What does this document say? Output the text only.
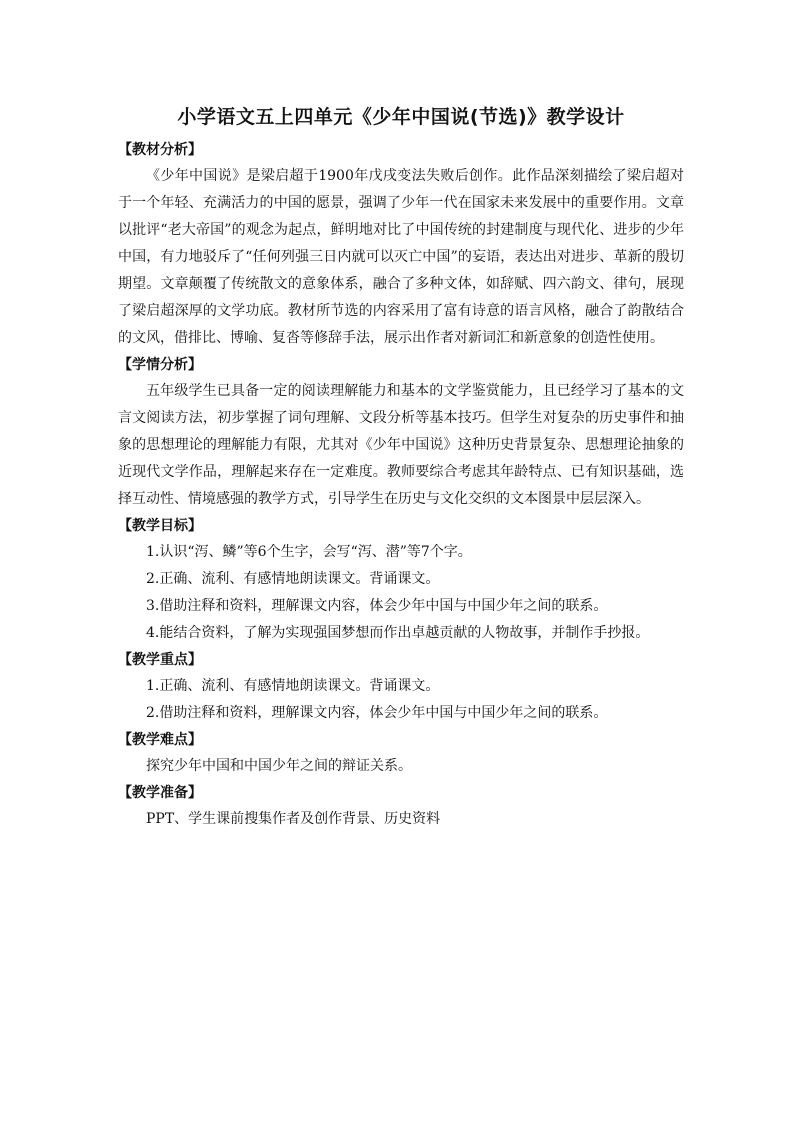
小学语文五上四单元《少年中国说(节选)》教学设计
【教材分析】

《少年中国说》是梁启超于1900年戊戌变法失败后创作。此作品深刻描绘了梁启超对于一个年轻、充满活力的中国的愿景，强调了少年一代在国家未来发展中的重要作用。文章以批评“老大帝国”的观念为起点，鲜明地对比了中国传统的封建制度与现代化、进步的少年中国，有力地驳斥了“任何列强三日内就可以灭亡中国”的妄语，表达出对进步、革新的殷切期望。文章颠覆了传统散文的意象体系，融合了多种文体，如辞赋、四六韵文、律句，展现了梁启超深厚的文学功底。教材所节选的内容采用了富有诗意的语言风格，融合了韵散结合的文风，借排比、博喻、复沓等修辞手法，展示出作者对新词汇和新意象的创造性使用。

【学情分析】

五年级学生已具备一定的阅读理解能力和基本的文学鉴赏能力，且已经学习了基本的文言文阅读方法，初步掌握了词句理解、文段分析等基本技巧。但学生对复杂的历史事件和抽象的思想理论的理解能力有限，尤其对《少年中国说》这种历史背景复杂、思想理论抽象的近现代文学作品，理解起来存在一定难度。教师要综合考虑其年龄特点、已有知识基础，选择互动性、情境感强的教学方式，引导学生在历史与文化交织的文本图景中层层深入。

【教学目标】

1.认识“泻、鳞”等6个生字，会写“泻、潜”等7个字。

2.正确、流利、有感情地朗读课文。背诵课文。

3.借助注释和资料，理解课文内容，体会少年中国与中国少年之间的联系。

4.能结合资料，了解为实现强国梦想而作出卓越贡献的人物故事，并制作手抄报。

【教学重点】

1.正确、流利、有感情地朗读课文。背诵课文。

2.借助注释和资料，理解课文内容，体会少年中国与中国少年之间的联系。

【教学难点】

探究少年中国和中国少年之间的辩证关系。

【教学准备】

PPT、学生课前搜集作者及创作背景、历史资料
